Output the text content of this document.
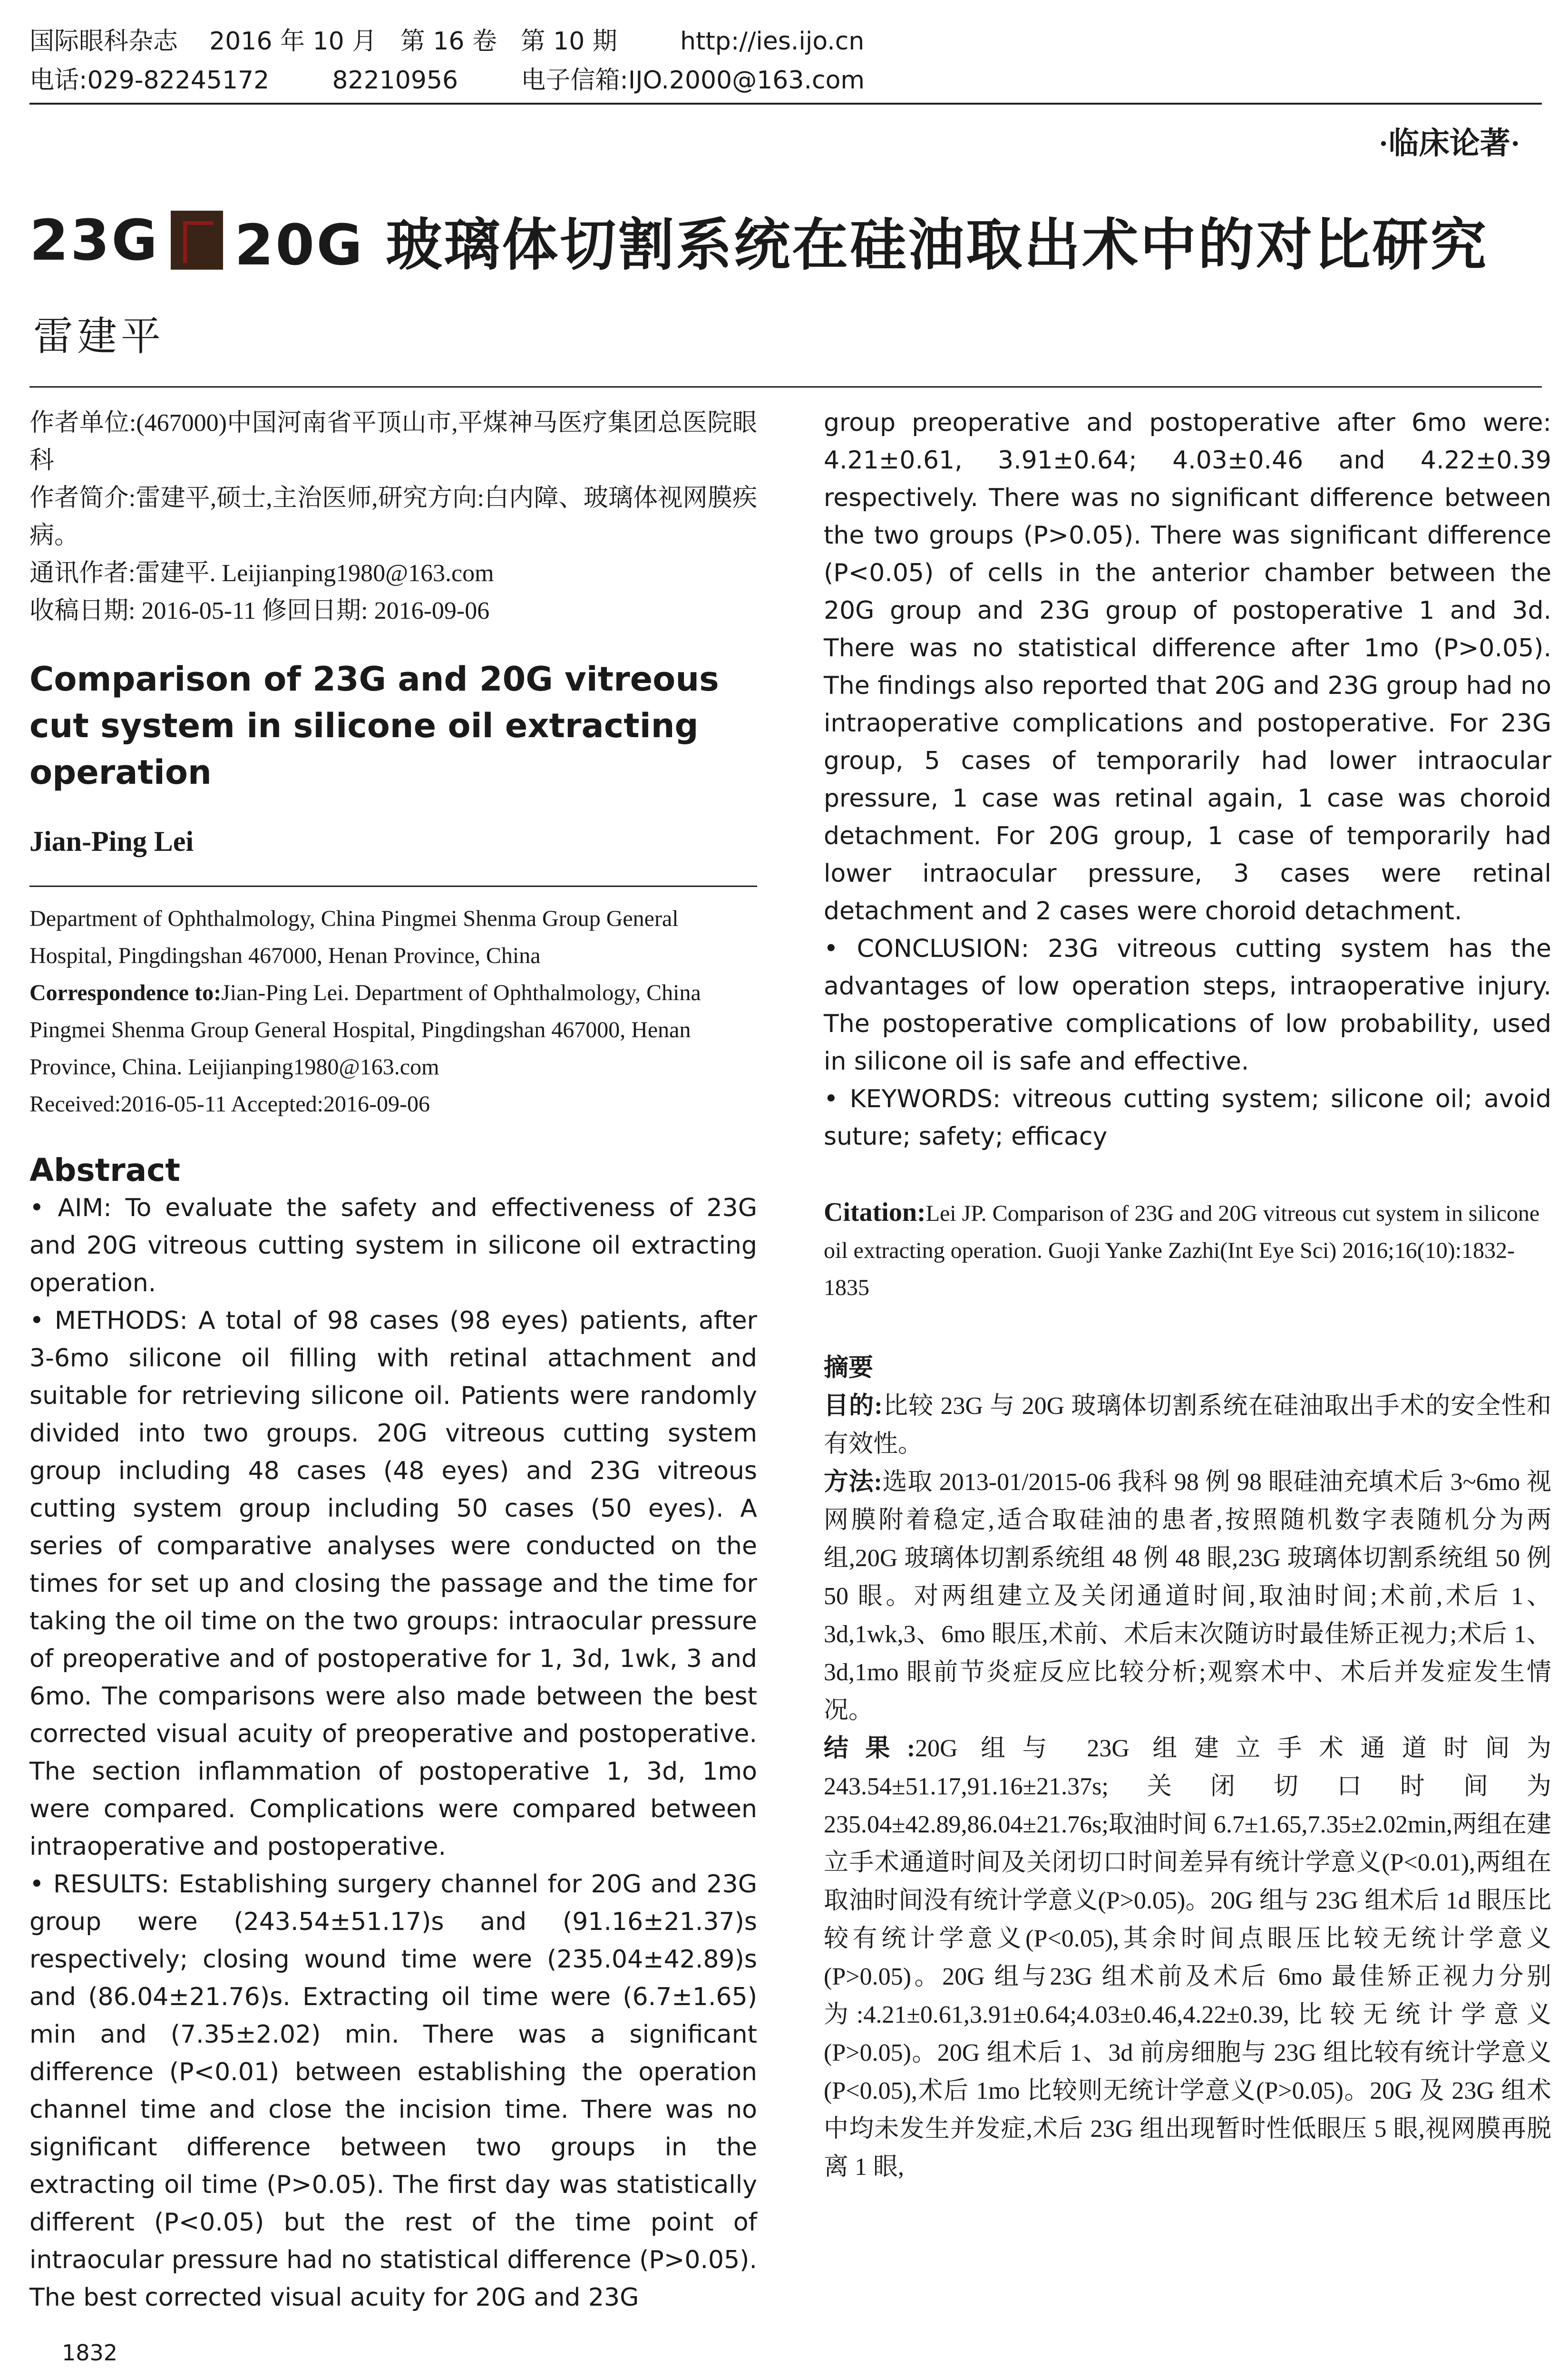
国际眼科杂志    2016 年 10 月   第 16 卷   第 10 期        http://ies.ijo.cn
电话:029-82245172        82210956        电子信箱:IJO.2000@163.com
·临床论著·
23G 20G 玻璃体切割系统在硅油取出术中的对比研究
雷建平

作者单位:(467000)中国河南省平顶山市,平煤神马医疗集团总医院眼科

作者简介:雷建平,硕士,主治医师,研究方向:白内障、玻璃体视网膜疾病。

通讯作者:雷建平. Leijianping1980@163.com

收稿日期: 2016-05-11 修回日期: 2016-09-06

Comparison of 23G and 20G vitreous cut system in silicone oil extracting operation
Jian-Ping Lei

Department of Ophthalmology, China Pingmei Shenma Group General Hospital, Pingdingshan 467000, Henan Province, China

Correspondence to:Jian-Ping Lei. Department of Ophthalmology, China Pingmei Shenma Group General Hospital, Pingdingshan 467000, Henan Province, China. Leijianping1980@163.com

Received:2016-05-11 Accepted:2016-09-06

Abstract

• AIM: To evaluate the safety and effectiveness of 23G and 20G vitreous cutting system in silicone oil extracting operation.

• METHODS: A total of 98 cases (98 eyes) patients, after 3-6mo silicone oil filling with retinal attachment and suitable for retrieving silicone oil. Patients were randomly divided into two groups. 20G vitreous cutting system group including 48 cases (48 eyes) and 23G vitreous cutting system group including 50 cases (50 eyes). A series of comparative analyses were conducted on the times for set up and closing the passage and the time for taking the oil time on the two groups: intraocular pressure of preoperative and of postoperative for 1, 3d, 1wk, 3 and 6mo. The comparisons were also made between the best corrected visual acuity of preoperative and postoperative. The section inflammation of postoperative 1, 3d, 1mo were compared. Complications were compared between intraoperative and postoperative.

• RESULTS: Establishing surgery channel for 20G and 23G group were (243.54±51.17)s and (91.16±21.37)s respectively; closing wound time were (235.04±42.89)s and (86.04±21.76)s. Extracting oil time were (6.7±1.65) min and (7.35±2.02) min. There was a significant difference (P<0.01) between establishing the operation channel time and close the incision time. There was no significant difference between two groups in the extracting oil time (P>0.05). The first day was statistically different (P<0.05) but the rest of the time point of intraocular pressure had no statistical difference (P>0.05). The best corrected visual acuity for 20G and 23G

group preoperative and postoperative after 6mo were: 4.21±0.61, 3.91±0.64; 4.03±0.46 and 4.22±0.39 respectively. There was no significant difference between the two groups (P>0.05). There was significant difference (P<0.05) of cells in the anterior chamber between the 20G group and 23G group of postoperative 1 and 3d. There was no statistical difference after 1mo (P>0.05). The findings also reported that 20G and 23G group had no intraoperative complications and postoperative. For 23G group, 5 cases of temporarily had lower intraocular pressure, 1 case was retinal again, 1 case was choroid detachment. For 20G group, 1 case of temporarily had lower intraocular pressure, 3 cases were retinal detachment and 2 cases were choroid detachment.

• CONCLUSION: 23G vitreous cutting system has the advantages of low operation steps, intraoperative injury. The postoperative complications of low probability, used in silicone oil is safe and effective.

• KEYWORDS: vitreous cutting system; silicone oil; avoid suture; safety; efficacy

Citation:Lei JP. Comparison of 23G and 20G vitreous cut system in silicone oil extracting operation. Guoji Yanke Zazhi(Int Eye Sci) 2016;16(10):1832-1835

摘要

目的:比较 23G 与 20G 玻璃体切割系统在硅油取出手术的安全性和有效性。

方法:选取 2013-01/2015-06 我科 98 例 98 眼硅油充填术后 3~6mo 视网膜附着稳定,适合取硅油的患者,按照随机数字表随机分为两组,20G 玻璃体切割系统组 48 例 48 眼,23G 玻璃体切割系统组 50 例 50 眼。对两组建立及关闭通道时间,取油时间;术前,术后 1、3d,1wk,3、6mo 眼压,术前、术后末次随访时最佳矫正视力;术后 1、3d,1mo 眼前节炎症反应比较分析;观察术中、术后并发症发生情况。

结果:20G 组与 23G 组建立手术通道时间为 243.54±51.17,91.16±21.37s;关闭切口时间为 235.04±42.89,86.04±21.76s;取油时间 6.7±1.65,7.35±2.02min,两组在建立手术通道时间及关闭切口时间差异有统计学意义(P<0.01),两组在取油时间没有统计学意义(P>0.05)。20G 组与 23G 组术后 1d 眼压比较有统计学意义(P<0.05),其余时间点眼压比较无统计学意义(P>0.05)。20G 组与23G 组术前及术后 6mo 最佳矫正视力分别为:4.21±0.61,3.91±0.64;4.03±0.46,4.22±0.39,比较无统计学意义(P>0.05)。20G 组术后 1、3d 前房细胞与 23G 组比较有统计学意义(P<0.05),术后 1mo 比较则无统计学意义(P>0.05)。20G 及 23G 组术中均未发生并发症,术后 23G 组出现暂时性低眼压 5 眼,视网膜再脱离 1 眼,

1832
